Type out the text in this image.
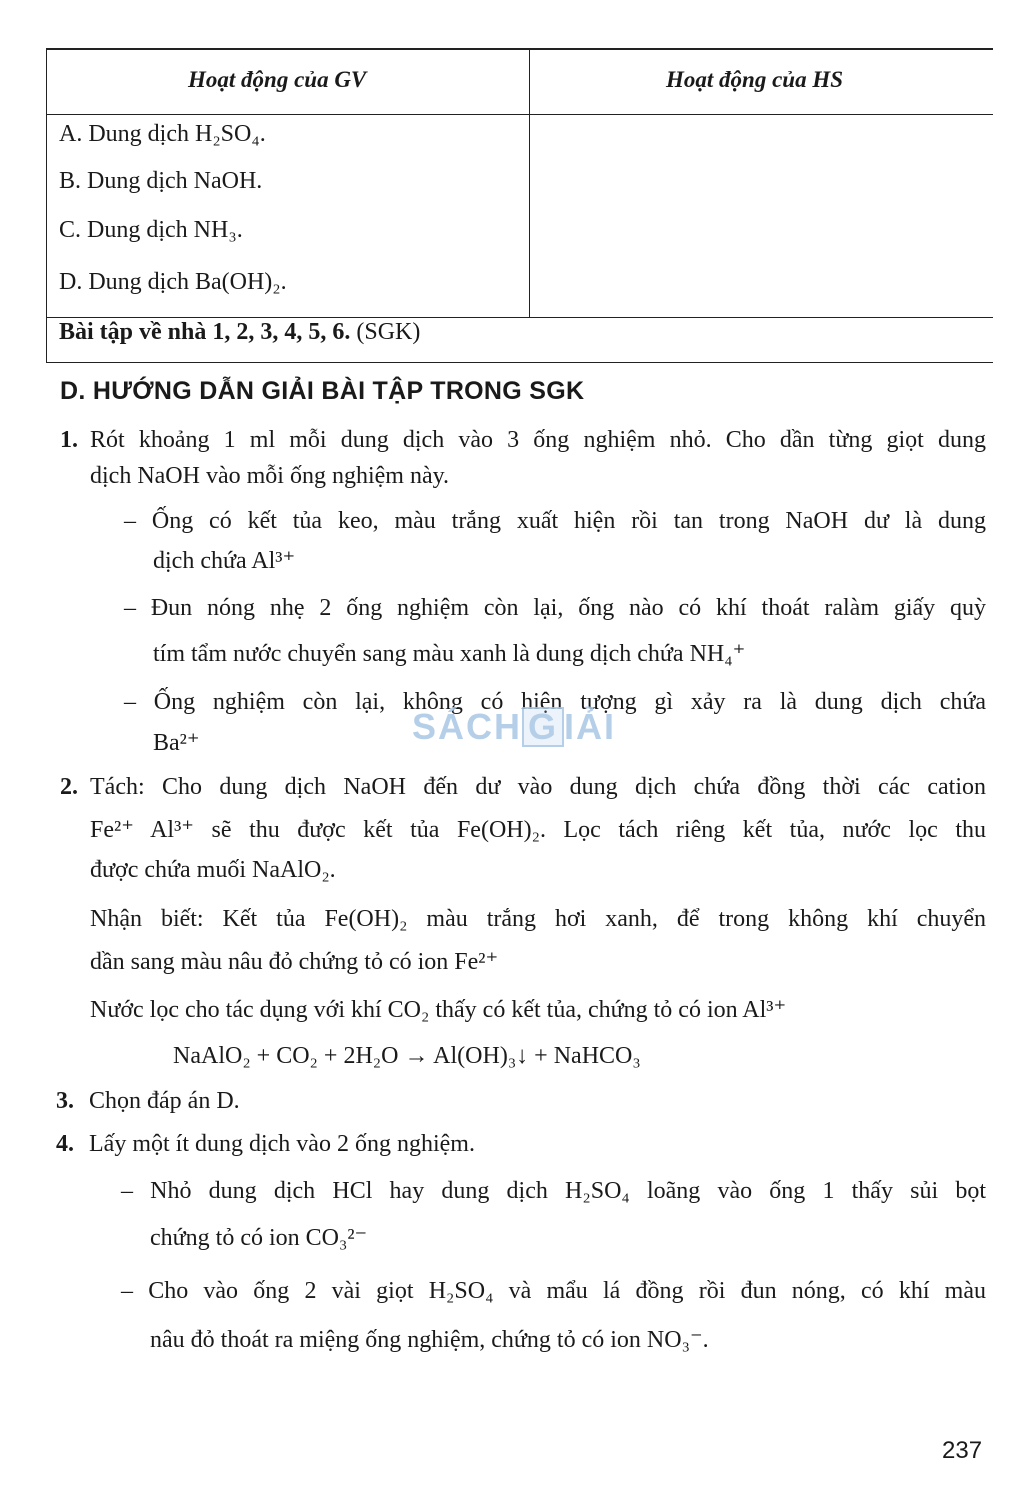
Hoạt động của GV	Hoạt động của HS
A. Dung dịch H₂SO₄.
B. Dung dịch NaOH.
C. Dung dịch NH₃.
D. Dung dịch Ba(OH)₂.
Bài tập về nhà 1, 2, 3, 4, 5, 6. (SGK)
D. HƯỚNG DẪN GIẢI BÀI TẬP TRONG SGK
1. Rót khoảng 1 ml mỗi dung dịch vào 3 ống nghiệm nhỏ. Cho dần từng giọt dung
dịch NaOH vào mỗi ống nghiệm này.
– Ống có kết tủa keo, màu trắng xuất hiện rồi tan trong NaOH dư là dung
dịch chứa Al³⁺
– Đun nóng nhẹ 2 ống nghiệm còn lại, ống nào có khí thoát ralàm giấy quỳ
tím tẩm nước chuyển sang màu xanh là dung dịch chứa NH₄⁺
– Ống nghiệm còn lại, không có hiện tượng gì xảy ra là dung dịch chứa
Ba²⁺	SÁCH G IẢI
2. Tách: Cho dung dịch NaOH đến dư vào dung dịch chứa đồng thời các cation
Fe²⁺ Al³⁺ sẽ thu được kết tủa Fe(OH)₂. Lọc tách riêng kết tủa, nước lọc thu
được chứa muối NaAlO₂.
Nhận biết: Kết tủa Fe(OH)₂ màu trắng hơi xanh, để trong không khí chuyển
dần sang màu nâu đỏ chứng tỏ có ion Fe²⁺
Nước lọc cho tác dụng với khí CO₂ thấy có kết tủa, chứng tỏ có ion Al³⁺
NaAlO₂ + CO₂ + 2H₂O → Al(OH)₃↓ + NaHCO₃
3. Chọn đáp án D.
4. Lấy một ít dung dịch vào 2 ống nghiệm.
– Nhỏ dung dịch HCl hay dung dịch H₂SO₄ loãng vào ống 1 thấy sủi bọt
chứng tỏ có ion CO₃²⁻
– Cho vào ống 2 vài giọt H₂SO₄ và mẩu lá đồng rồi đun nóng, có khí màu
nâu đỏ thoát ra miệng ống nghiệm, chứng tỏ có ion NO₃⁻.
237
